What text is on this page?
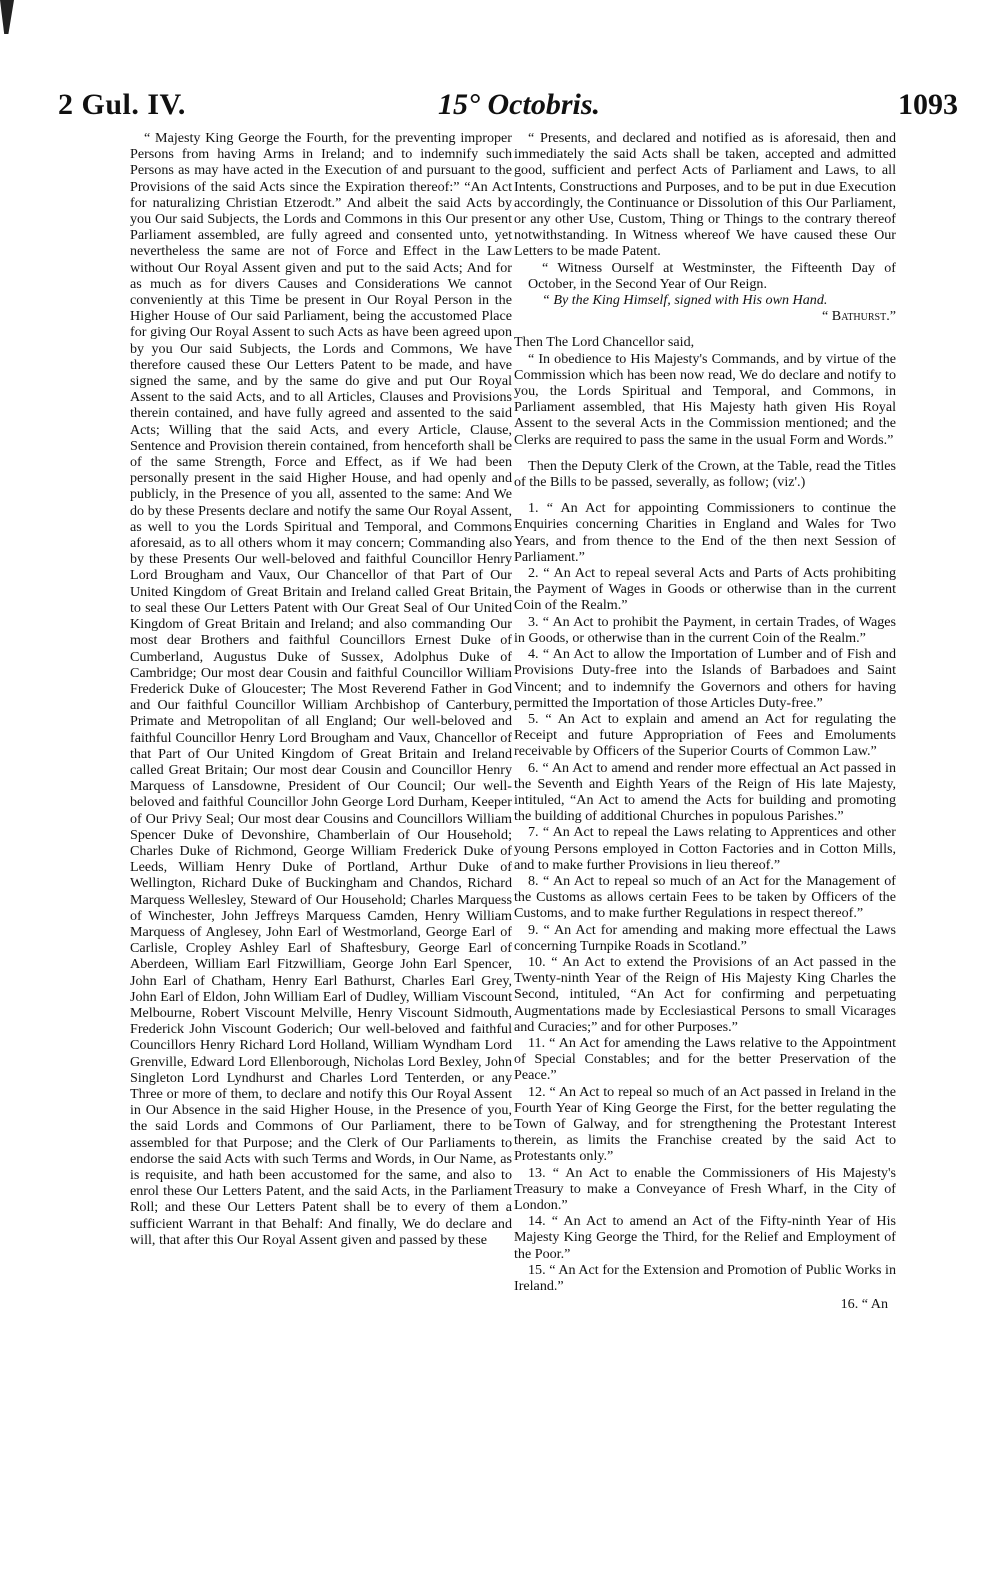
2 Gul. IV.	15° Octobris.	1093

“ Majesty King George the Fourth, for the preventing improper Persons from having Arms in Ireland; and to indemnify such Persons as may have acted in the Execution of and pursuant to the Provisions of the said Acts since the Expiration thereof:” “An Act for naturalizing Christian Etzerodt.” And albeit the said Acts by you Our said Subjects, the Lords and Commons in this Our present Parliament assembled, are fully agreed and consented unto, yet nevertheless the same are not of Force and Effect in the Law without Our Royal Assent given and put to the said Acts; And for as much as for divers Causes and Considerations We cannot conveniently at this Time be present in Our Royal Person in the Higher House of Our said Parliament, being the accustomed Place for giving Our Royal Assent to such Acts as have been agreed upon by you Our said Subjects, the Lords and Commons, We have therefore caused these Our Letters Patent to be made, and have signed the same, and by the same do give and put Our Royal Assent to the said Acts, and to all Articles, Clauses and Provisions therein contained, and have fully agreed and assented to the said Acts; Willing that the said Acts, and every Article, Clause, Sentence and Provision therein contained, from henceforth shall be of the same Strength, Force and Effect, as if We had been personally present in the said Higher House, and had openly and publicly, in the Presence of you all, assented to the same: And We do by these Presents declare and notify the same Our Royal Assent, as well to you the Lords Spiritual and Temporal, and Commons aforesaid, as to all others whom it may concern; Commanding also by these Presents Our well-beloved and faithful Councillor Henry Lord Brougham and Vaux, Our Chancellor of that Part of Our United Kingdom of Great Britain and Ireland called Great Britain, to seal these Our Letters Patent with Our Great Seal of Our United Kingdom of Great Britain and Ireland; and also commanding Our most dear Brothers and faithful Councillors Ernest Duke of Cumberland, Augustus Duke of Sussex, Adolphus Duke of Cambridge; Our most dear Cousin and faithful Councillor William Frederick Duke of Gloucester; The Most Reverend Father in God and Our faithful Councillor William Archbishop of Canterbury, Primate and Metropolitan of all England; Our well-beloved and faithful Councillor Henry Lord Brougham and Vaux, Chancellor of that Part of Our United Kingdom of Great Britain and Ireland called Great Britain; Our most dear Cousin and Councillor Henry Marquess of Lansdowne, President of Our Council; Our well-beloved and faithful Councillor John George Lord Durham, Keeper of Our Privy Seal; Our most dear Cousins and Councillors William Spencer Duke of Devonshire, Chamberlain of Our Household; Charles Duke of Richmond, George William Frederick Duke of Leeds, William Henry Duke of Portland, Arthur Duke of Wellington, Richard Duke of Buckingham and Chandos, Richard Marquess Wellesley, Steward of Our Household; Charles Marquess of Winchester, John Jeffreys Marquess Camden, Henry William Marquess of Anglesey, John Earl of Westmorland, George Earl of Carlisle, Cropley Ashley Earl of Shaftesbury, George Earl of Aberdeen, William Earl Fitzwilliam, George John Earl Spencer, John Earl of Chatham, Henry Earl Bathurst, Charles Earl Grey, John Earl of Eldon, John William Earl of Dudley, William Viscount Melbourne, Robert Viscount Melville, Henry Viscount Sidmouth, Frederick John Viscount Goderich; Our well-beloved and faithful Councillors Henry Richard Lord Holland, William Wyndham Lord Grenville, Edward Lord Ellenborough, Nicholas Lord Bexley, John Singleton Lord Lyndhurst and Charles Lord Tenterden, or any Three or more of them, to declare and notify this Our Royal Assent in Our Absence in the said Higher House, in the Presence of you, the said Lords and Commons of Our Parliament, there to be assembled for that Purpose; and the Clerk of Our Parliaments to endorse the said Acts with such Terms and Words, in Our Name, as is requisite, and hath been accustomed for the same, and also to enrol these Our Letters Patent, and the said Acts, in the Parliament Roll; and these Our Letters Patent shall be to every of them a sufficient Warrant in that Behalf: And finally, We do declare and will, that after this Our Royal Assent given and passed by these

“ Presents, and declared and notified as is aforesaid, then and immediately the said Acts shall be taken, accepted and admitted good, sufficient and perfect Acts of Parliament and Laws, to all Intents, Constructions and Purposes, and to be put in due Execution accordingly, the Continuance or Dissolution of this Our Parliament, or any other Use, Custom, Thing or Things to the contrary thereof notwithstanding. In Witness whereof We have caused these Our Letters to be made Patent.

“ Witness Ourself at Westminster, the Fifteenth Day of October, in the Second Year of Our Reign.

“ By the King Himself, signed with His own Hand.

“ Bathurst.”

Then The Lord Chancellor said,

“ In obedience to His Majesty's Commands, and by virtue of the Commission which has been now read, We do declare and notify to you, the Lords Spiritual and Temporal, and Commons, in Parliament assembled, that His Majesty hath given His Royal Assent to the several Acts in the Commission mentioned; and the Clerks are required to pass the same in the usual Form and Words.”

Then the Deputy Clerk of the Crown, at the Table, read the Titles of the Bills to be passed, severally, as follow; (viz'.)

1. “ An Act for appointing Commissioners to continue the Enquiries concerning Charities in England and Wales for Two Years, and from thence to the End of the then next Session of Parliament.”

2. “ An Act to repeal several Acts and Parts of Acts prohibiting the Payment of Wages in Goods or otherwise than in the current Coin of the Realm.”

3. “ An Act to prohibit the Payment, in certain Trades, of Wages in Goods, or otherwise than in the current Coin of the Realm.”

4. “ An Act to allow the Importation of Lumber and of Fish and Provisions Duty-free into the Islands of Barbadoes and Saint Vincent; and to indemnify the Governors and others for having permitted the Importation of those Articles Duty-free.”

5. “ An Act to explain and amend an Act for regulating the Receipt and future Appropriation of Fees and Emoluments receivable by Officers of the Superior Courts of Common Law.”

6. “ An Act to amend and render more effectual an Act passed in the Seventh and Eighth Years of the Reign of His late Majesty, intituled, “An Act to amend the Acts for building and promoting the building of additional Churches in populous Parishes.”

7. “ An Act to repeal the Laws relating to Apprentices and other young Persons employed in Cotton Factories and in Cotton Mills, and to make further Provisions in lieu thereof.”

8. “ An Act to repeal so much of an Act for the Management of the Customs as allows certain Fees to be taken by Officers of the Customs, and to make further Regulations in respect thereof.”

9. “ An Act for amending and making more effectual the Laws concerning Turnpike Roads in Scotland.”

10. “ An Act to extend the Provisions of an Act passed in the Twenty-ninth Year of the Reign of His Majesty King Charles the Second, intituled, “An Act for confirming and perpetuating Augmentations made by Ecclesiastical Persons to small Vicarages and Curacies;” and for other Purposes.”

11. “ An Act for amending the Laws relative to the Appointment of Special Constables; and for the better Preservation of the Peace.”

12. “ An Act to repeal so much of an Act passed in Ireland in the Fourth Year of King George the First, for the better regulating the Town of Galway, and for strengthening the Protestant Interest therein, as limits the Franchise created by the said Act to Protestants only.”

13. “ An Act to enable the Commissioners of His Majesty's Treasury to make a Conveyance of Fresh Wharf, in the City of London.”

14. “ An Act to amend an Act of the Fifty-ninth Year of His Majesty King George the Third, for the Relief and Employment of the Poor.”

15. “ An Act for the Extension and Promotion of Public Works in Ireland.”

16. “ An
